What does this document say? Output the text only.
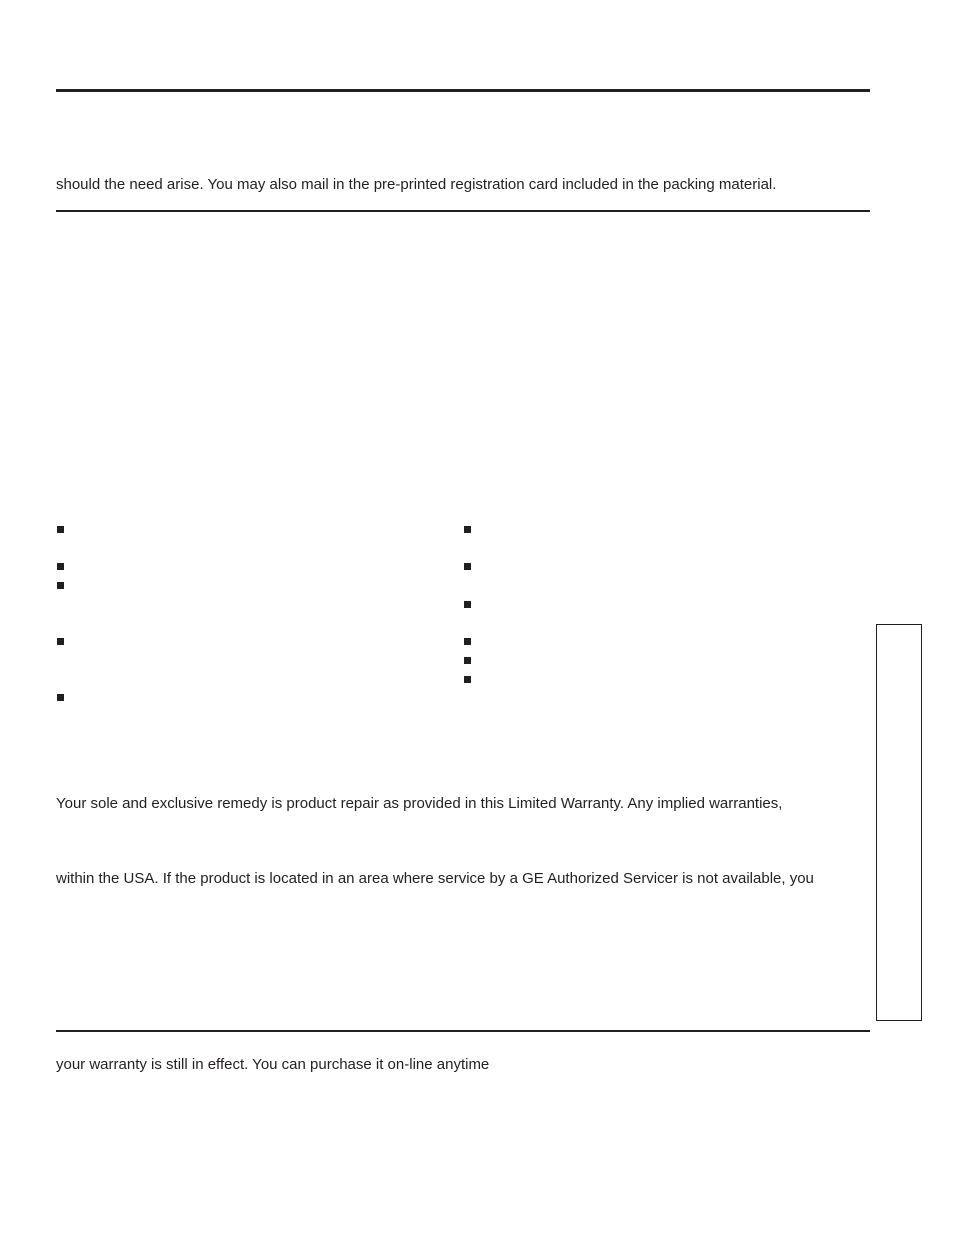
should the need arise. You may also mail in the pre-printed registration card included in the packing material.
Your sole and exclusive remedy is product repair as provided in this Limited Warranty. Any implied warranties,
within the USA. If the product is located in an area where service by a GE Authorized Servicer is not available, you
your warranty is still in effect. You can purchase it on-line anytime
